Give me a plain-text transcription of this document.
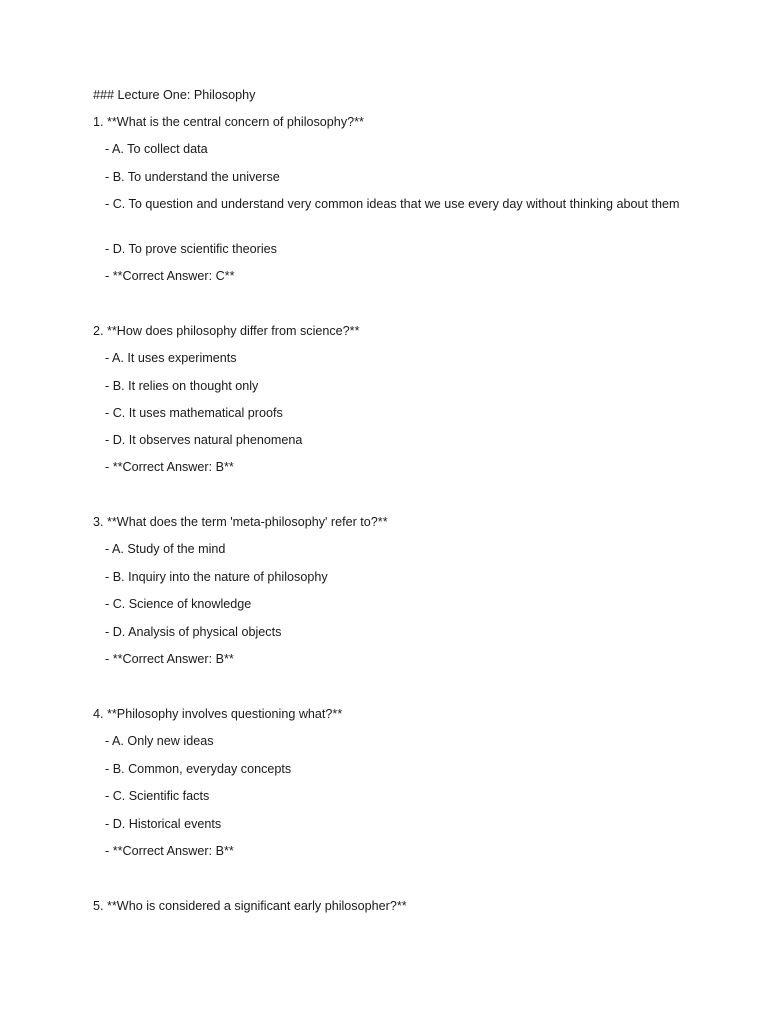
### Lecture One: Philosophy

1. **What is the central concern of philosophy?**

- A. To collect data

- B. To understand the universe

- C. To question and understand very common ideas that we use every day without thinking about them

- D. To prove scientific theories

- **Correct Answer: C**

2. **How does philosophy differ from science?**

- A. It uses experiments

- B. It relies on thought only

- C. It uses mathematical proofs

- D. It observes natural phenomena

- **Correct Answer: B**

3. **What does the term 'meta-philosophy' refer to?**

- A. Study of the mind

- B. Inquiry into the nature of philosophy

- C. Science of knowledge

- D. Analysis of physical objects

- **Correct Answer: B**

4. **Philosophy involves questioning what?**

- A. Only new ideas

- B. Common, everyday concepts

- C. Scientific facts

- D. Historical events

- **Correct Answer: B**

5. **Who is considered a significant early philosopher?**
